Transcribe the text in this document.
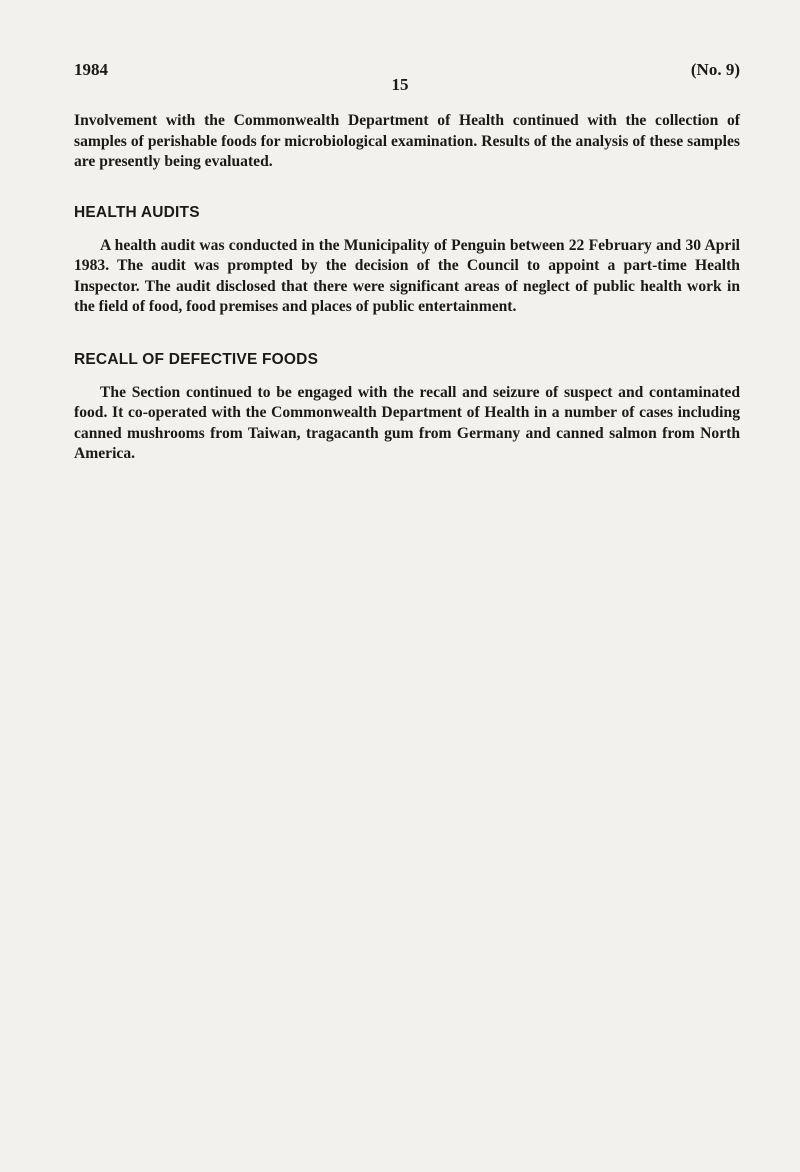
1984	(No. 9)
15

Involvement with the Commonwealth Department of Health continued with the collection of samples of perishable foods for microbiological examination. Results of the analysis of these samples are presently being evaluated.

HEALTH AUDITS

A health audit was conducted in the Municipality of Penguin between 22 February and 30 April 1983. The audit was prompted by the decision of the Council to appoint a part-time Health Inspector. The audit disclosed that there were significant areas of neglect of public health work in the field of food, food premises and places of public entertainment.

RECALL OF DEFECTIVE FOODS

The Section continued to be engaged with the recall and seizure of suspect and contaminated food. It co-operated with the Commonwealth Department of Health in a number of cases including canned mushrooms from Taiwan, tragacanth gum from Germany and canned salmon from North America.
